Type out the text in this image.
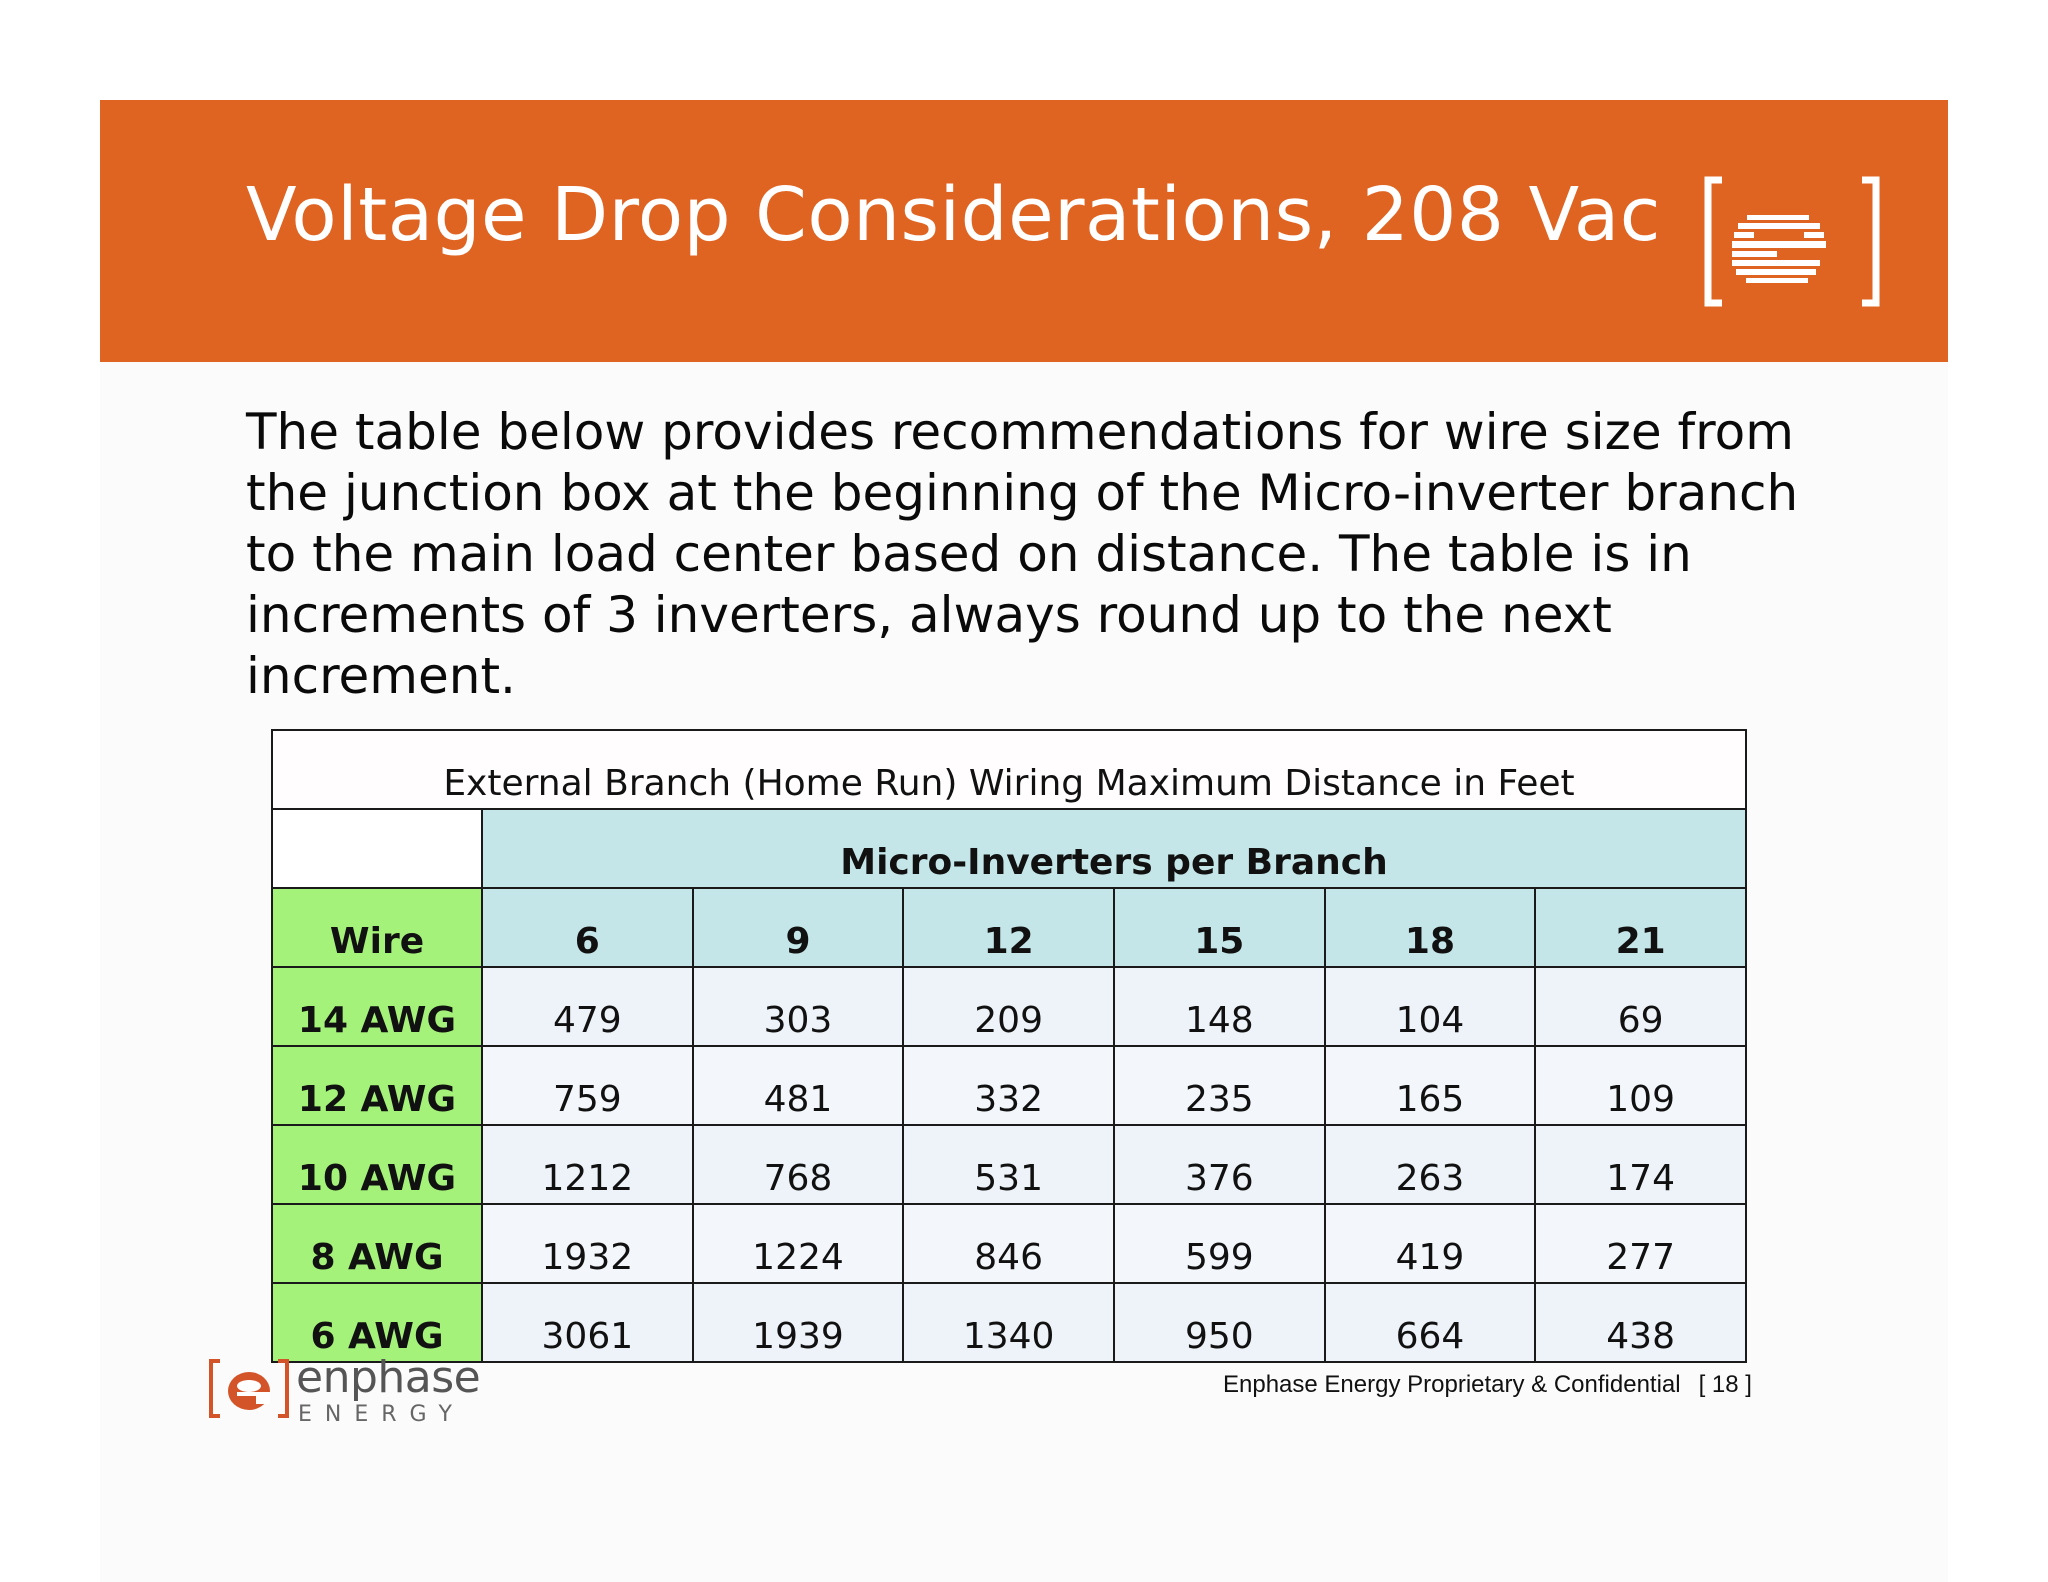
Voltage Drop Considerations, 208 Vac

The table below provides recommendations for wire size from the junction box at the beginning of the Micro-inverter branch to the main load center based on distance. The table is in increments of 3 inverters, always round up to the next increment.

External Branch (Home Run) Wiring Maximum Distance in Feet						
	Micro-Inverters per Branch					
Wire	6	9	12	15	18	21
14 AWG	479	303	209	148	104	69
12 AWG	759	481	332	235	165	109
10 AWG	1212	768	531	376	263	174
8 AWG	1932	1224	846	599	419	277
6 AWG	3061	1939	1340	950	664	438
enphase
ENERGY
Enphase Energy Proprietary & Confidential [ 18 ]
